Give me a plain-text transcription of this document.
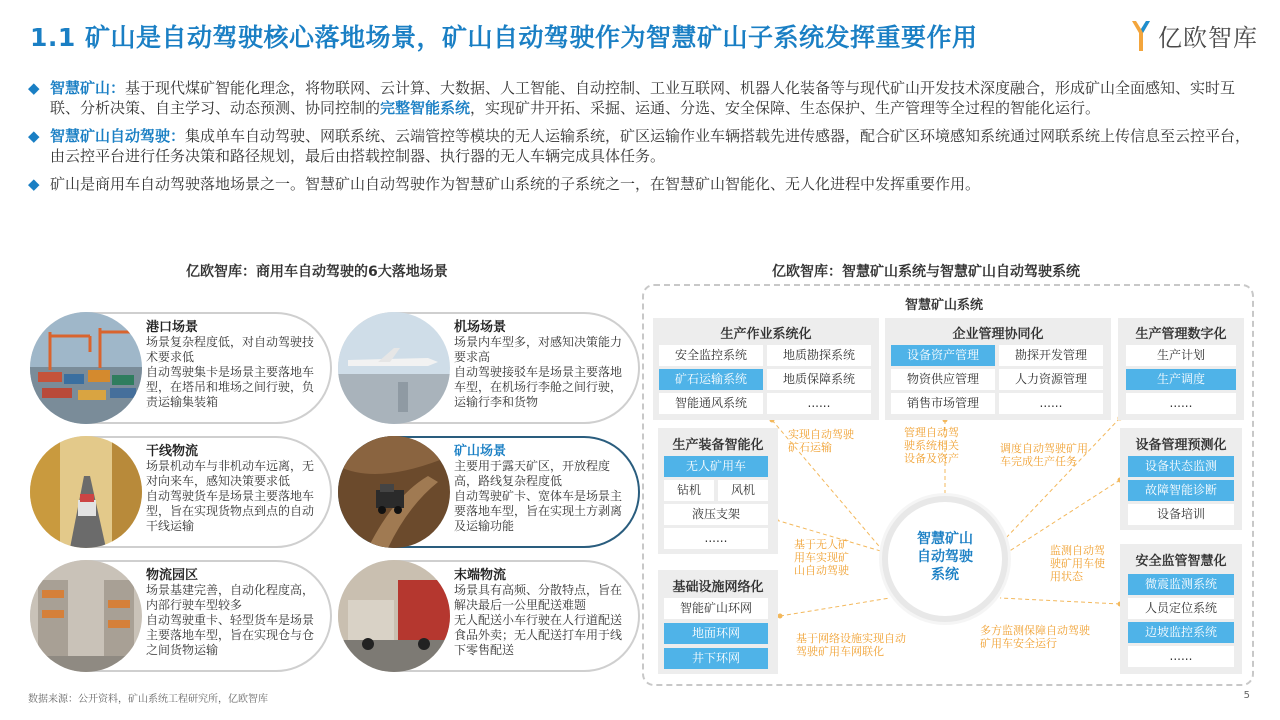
1.1 矿山是自动驾驶核心落地场景，矿山自动驾驶作为智慧矿山子系统发挥重要作用	亿欧智库
◆ 智慧矿山：基于现代煤矿智能化理念，将物联网、云计算、大数据、人工智能、自动控制、工业互联网、机器人化装备等与现代矿山开发技术深度融合，形成矿山全面感知、实时互联、分析决策、自主学习、动态预测、协同控制的完整智能系统，实现矿井开拓、采掘、运通、分选、安全保障、生态保护、生产管理等全过程的智能化运行。
◆ 智慧矿山自动驾驶：集成单车自动驾驶、网联系统、云端管控等模块的无人运输系统，矿区运输作业车辆搭载先进传感器，配合矿区环境感知系统通过网联系统上传信息至云控平台，由云控平台进行任务决策和路径规划，最后由搭载控制器、执行器的无人车辆完成具体任务。
◆ 矿山是商用车自动驾驶落地场景之一。智慧矿山自动驾驶作为智慧矿山系统的子系统之一，在智慧矿山智能化、无人化进程中发挥重要作用。
亿欧智库：商用车自动驾驶的6大落地场景
港口场景
场景复杂程度低，对自动驾驶技术要求低
自动驾驶集卡是场景主要落地车型，在塔吊和堆场之间行驶，负责运输集装箱
机场场景
场景内车型多，对感知决策能力要求高
自动驾驶接驳车是场景主要落地车型，在机场行李舱之间行驶，运输行李和货物
干线物流
场景机动车与非机动车远离，无对向来车，感知决策要求低
自动驾驶货车是场景主要落地车型，旨在实现货物点到点的自动干线运输
矿山场景
主要用于露天矿区，开放程度高，路线复杂程度低
自动驾驶矿卡、宽体车是场景主要落地车型，旨在实现土方剥离及运输功能
物流园区
场景基建完善，自动化程度高，内部行驶车型较多
自动驾驶重卡、轻型货车是场景主要落地车型，旨在实现仓与仓之间货物运输
末端物流
场景具有高频、分散特点，旨在解决最后一公里配送难题
无人配送小车行驶在人行道配送食品外卖；无人配送打车用于线下零售配送
亿欧智库：智慧矿山系统与智慧矿山自动驾驶系统
智慧矿山系统
生产作业系统化
安全监控系统	地质勘探系统
矿石运输系统	地质保障系统
智能通风系统	......
企业管理协同化
设备资产管理	勘探开发管理
物资供应管理	人力资源管理
销售市场管理	......
生产管理数字化
生产计划
生产调度
......
生产装备智能化
无人矿用车
钻机	风机
液压支架
......
设备管理预测化
设备状态监测
故障智能诊断
设备培训
基础设施网络化
智能矿山环网
地面环网
井下环网
安全监管智慧化
微震监测系统
人员定位系统
边坡监控系统
......
实现自动驾驶
矿石运输
管理自动驾
驶系统相关
设备及资产
调度自动驾驶矿用
车完成生产任务
基于无人矿
用车实现矿
山自动驾驶
监测自动驾
驶矿用车使
用状态
基于网络设施实现自动
驾驶矿用车网联化
多方监测保障自动驾驶
矿用车安全运行
智慧矿山
自动驾驶
系统
数据来源：公开资料，矿山系统工程研究所，亿欧智库	5
